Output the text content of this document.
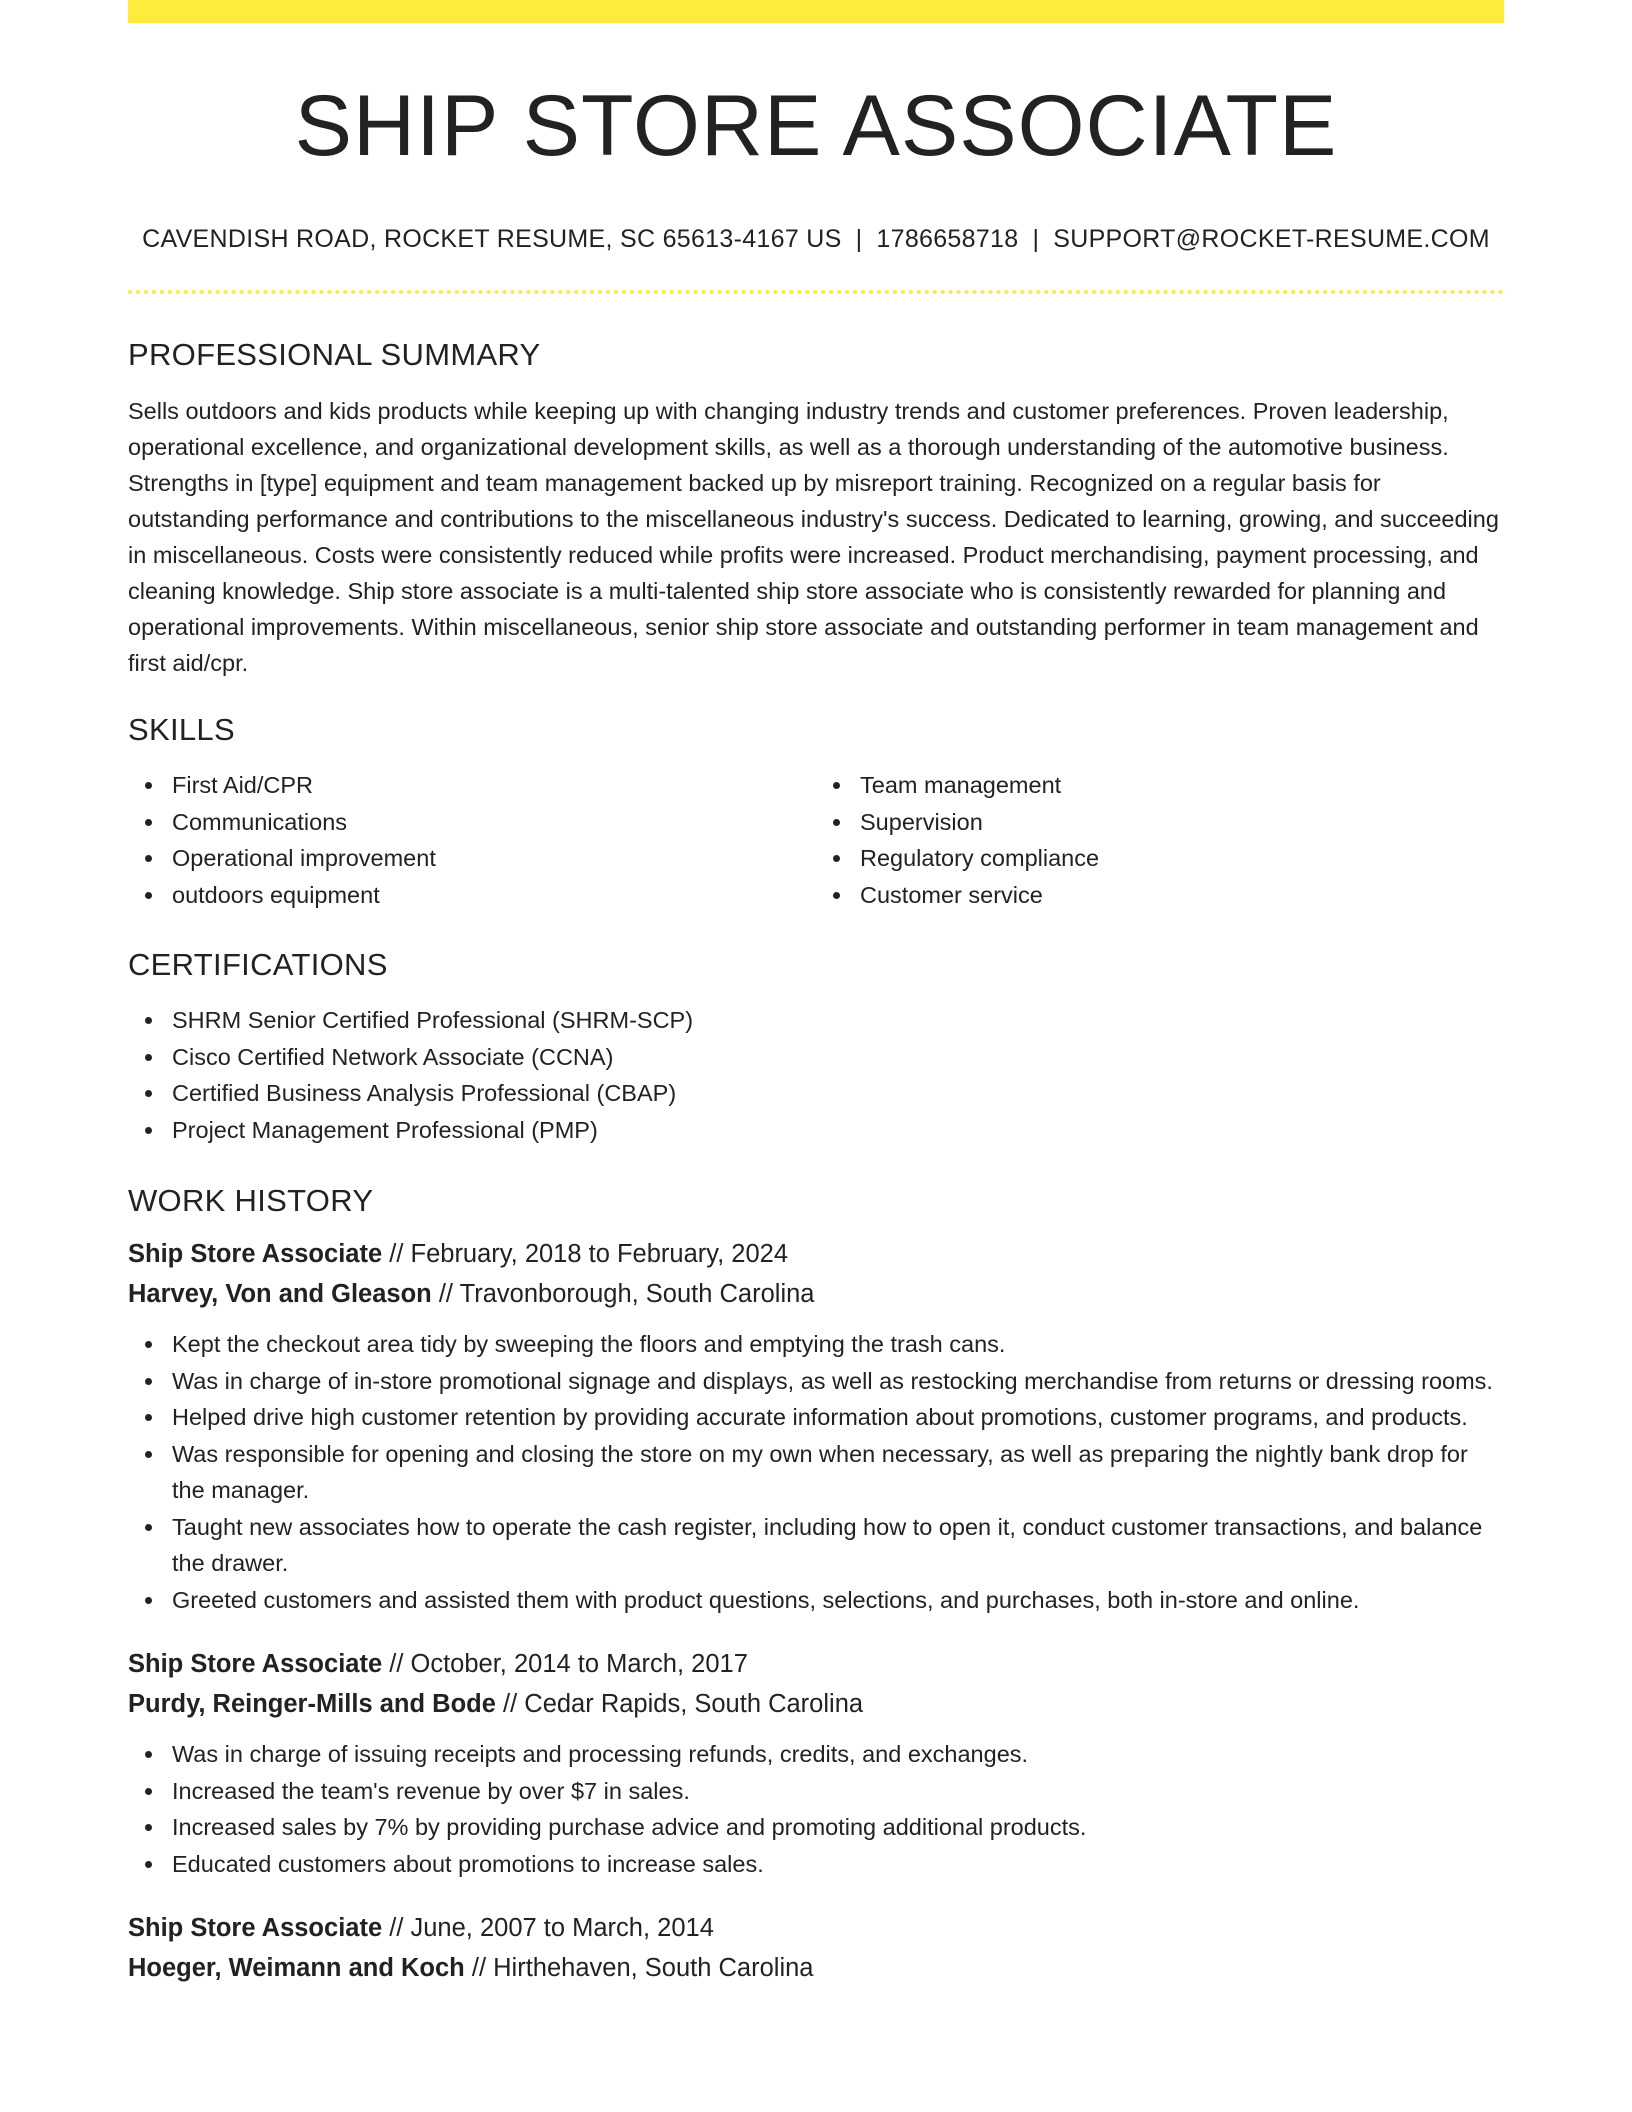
SHIP STORE ASSOCIATE
CAVENDISH ROAD, ROCKET RESUME, SC 65613-4167 US | 1786658718 | SUPPORT@ROCKET-RESUME.COM
PROFESSIONAL SUMMARY

Sells outdoors and kids products while keeping up with changing industry trends and customer preferences. Proven leadership, operational excellence, and organizational development skills, as well as a thorough understanding of the automotive business. Strengths in [type] equipment and team management backed up by misreport training. Recognized on a regular basis for outstanding performance and contributions to the miscellaneous industry's success. Dedicated to learning, growing, and succeeding in miscellaneous. Costs were consistently reduced while profits were increased. Product merchandising, payment processing, and cleaning knowledge. Ship store associate is a multi-talented ship store associate who is consistently rewarded for planning and operational improvements. Within miscellaneous, senior ship store associate and outstanding performer in team management and first aid/cpr.

SKILLS
First Aid/CPR
Communications
Operational improvement
outdoors equipment
Team management
Supervision
Regulatory compliance
Customer service
CERTIFICATIONS
SHRM Senior Certified Professional (SHRM-SCP)
Cisco Certified Network Associate (CCNA)
Certified Business Analysis Professional (CBAP)
Project Management Professional (PMP)
WORK HISTORY
Ship Store Associate // February, 2018 to February, 2024
Harvey, Von and Gleason // Travonborough, South Carolina
Kept the checkout area tidy by sweeping the floors and emptying the trash cans.
Was in charge of in-store promotional signage and displays, as well as restocking merchandise from returns or dressing rooms.
Helped drive high customer retention by providing accurate information about promotions, customer programs, and products.
Was responsible for opening and closing the store on my own when necessary, as well as preparing the nightly bank drop for the manager.
Taught new associates how to operate the cash register, including how to open it, conduct customer transactions, and balance the drawer.
Greeted customers and assisted them with product questions, selections, and purchases, both in-store and online.
Ship Store Associate // October, 2014 to March, 2017
Purdy, Reinger-Mills and Bode // Cedar Rapids, South Carolina
Was in charge of issuing receipts and processing refunds, credits, and exchanges.
Increased the team's revenue by over $7 in sales.
Increased sales by 7% by providing purchase advice and promoting additional products.
Educated customers about promotions to increase sales.
Ship Store Associate // June, 2007 to March, 2014
Hoeger, Weimann and Koch // Hirthehaven, South Carolina
